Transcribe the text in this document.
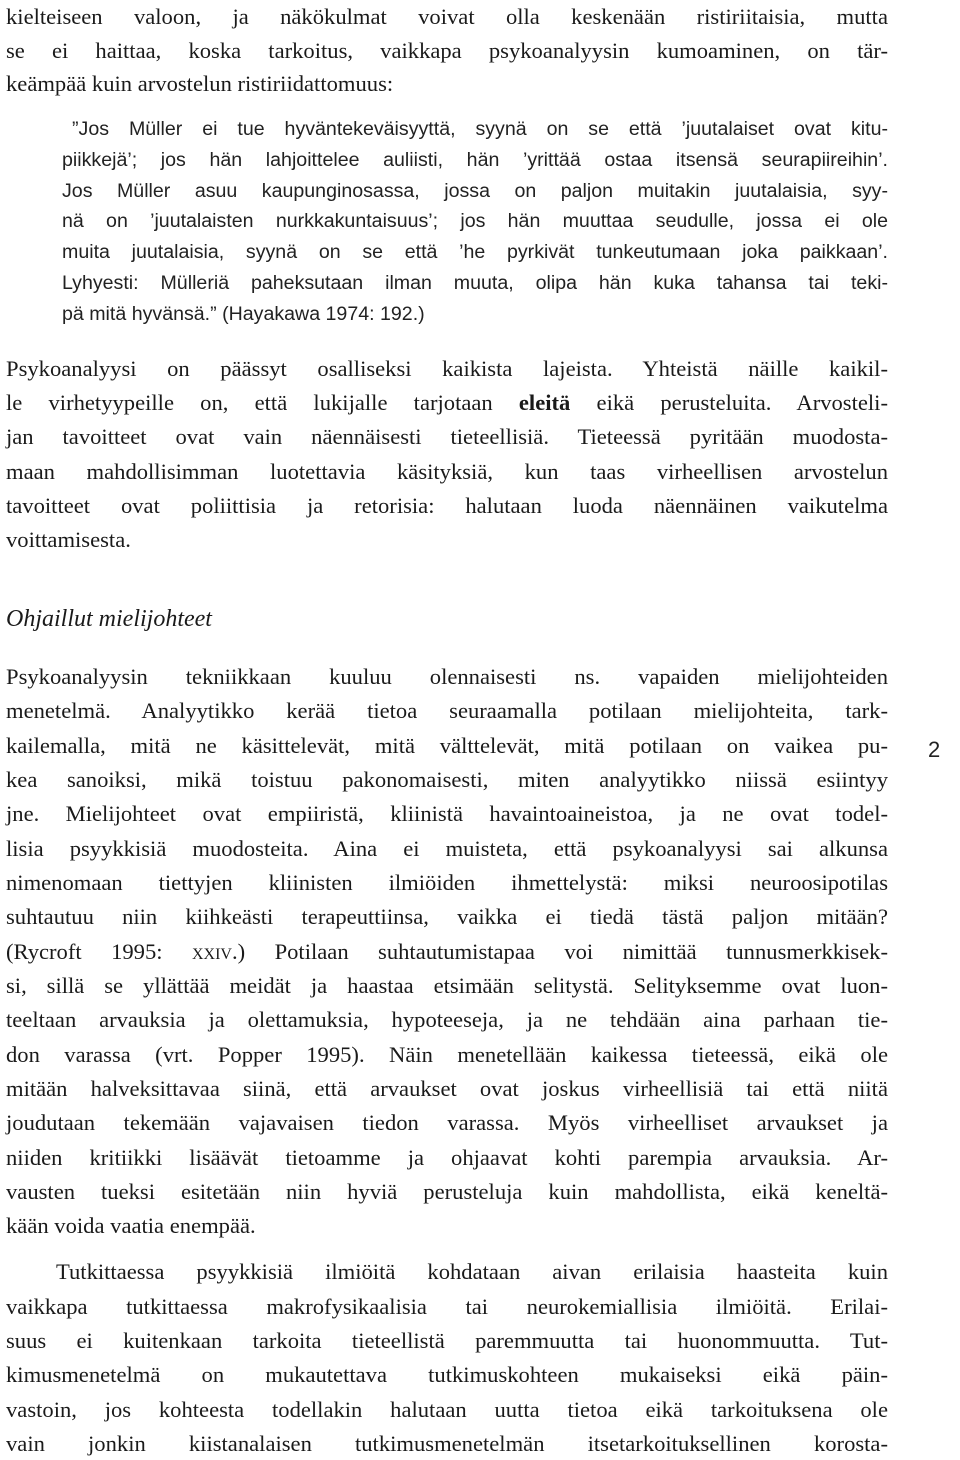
kielteiseen valoon, ja näkökulmat voivat olla keskenään ristiriitaisia, mutta
se ei haittaa, koska tarkoitus, vaikkapa psykoanalyysin kumoaminen, on tär-
keämpää kuin arvostelun ristiriidattomuus:
”Jos Müller ei tue hyväntekeväisyyttä, syynä on se että ’juutalaiset ovat kitu-
piikkejä’; jos hän lahjoittelee auliisti, hän ’yrittää ostaa itsensä seurapiireihin’.
Jos Müller asuu kaupunginosassa, jossa on paljon muitakin juutalaisia, syy-
nä on ’juutalaisten nurkkakuntaisuus’; jos hän muuttaa seudulle, jossa ei ole
muita juutalaisia, syynä on se että ’he pyrkivät tunkeutumaan joka paikkaan’.
Lyhyesti: Mülleriä paheksutaan ilman muuta, olipa hän kuka tahansa tai teki-
pä mitä hyvänsä.” (Hayakawa 1974: 192.)
Psykoanalyysi on päässyt osalliseksi kaikista lajeista. Yhteistä näille kaikil-
le virhetyypeille on, että lukijalle tarjotaan eleitä eikä perusteluita. Arvosteli-
jan tavoitteet ovat vain näennäisesti tieteellisiä. Tieteessä pyritään muodosta-
maan mahdollisimman luotettavia käsityksiä, kun taas virheellisen arvostelun
tavoitteet ovat poliittisia ja retorisia: halutaan luoda näennäinen vaikutelma
voittamisesta.
Ohjaillut mielijohteet
Psykoanalyysin tekniikkaan kuuluu olennaisesti ns. vapaiden mielijohteiden
menetelmä. Analyytikko kerää tietoa seuraamalla potilaan mielijohteita, tark-
kailemalla, mitä ne käsittelevät, mitä välttelevät, mitä potilaan on vaikea pu-
kea sanoiksi, mikä toistuu pakonomaisesti, miten analyytikko niissä esiintyy
jne. Mielijohteet ovat empiiristä, kliinistä havaintoaineistoa, ja ne ovat todel-
lisia psyykkisiä muodosteita. Aina ei muisteta, että psykoanalyysi sai alkunsa
nimenomaan tiettyjen kliinisten ilmiöiden ihmettelystä: miksi neuroosipotilas
suhtautuu niin kiihkeästi terapeuttiinsa, vaikka ei tiedä tästä paljon mitään?
(Rycroft 1995: xxiv.) Potilaan suhtautumistapaa voi nimittää tunnusmerkkisek-
si, sillä se yllättää meidät ja haastaa etsimään selitystä. Selityksemme ovat luon-
teeltaan arvauksia ja olettamuksia, hypoteeseja, ja ne tehdään aina parhaan tie-
don varassa (vrt. Popper 1995). Näin menetellään kaikessa tieteessä, eikä ole
mitään halveksittavaa siinä, että arvaukset ovat joskus virheellisiä tai että niitä
joudutaan tekemään vajavaisen tiedon varassa. Myös virheelliset arvaukset ja
niiden kritiikki lisäävät tietoamme ja ohjaavat kohti parempia arvauksia. Ar-
vausten tueksi esitetään niin hyviä perusteluja kuin mahdollista, eikä keneltä-
kään voida vaatia enempää.
Tutkittaessa psyykkisiä ilmiöitä kohdataan aivan erilaisia haasteita kuin
vaikkapa tutkittaessa makrofysikaalisia tai neurokemiallisia ilmiöitä. Erilai-
suus ei kuitenkaan tarkoita tieteellistä paremmuutta tai huonommuutta. Tut-
kimusmenetelmä on mukautettava tutkimuskohteen mukaiseksi eikä päin-
vastoin, jos kohteesta todellakin halutaan uutta tietoa eikä tarkoituksena ole
vain jonkin kiistanalaisen tutkimusmenetelmän itsetarkoituksellinen korosta-
2
